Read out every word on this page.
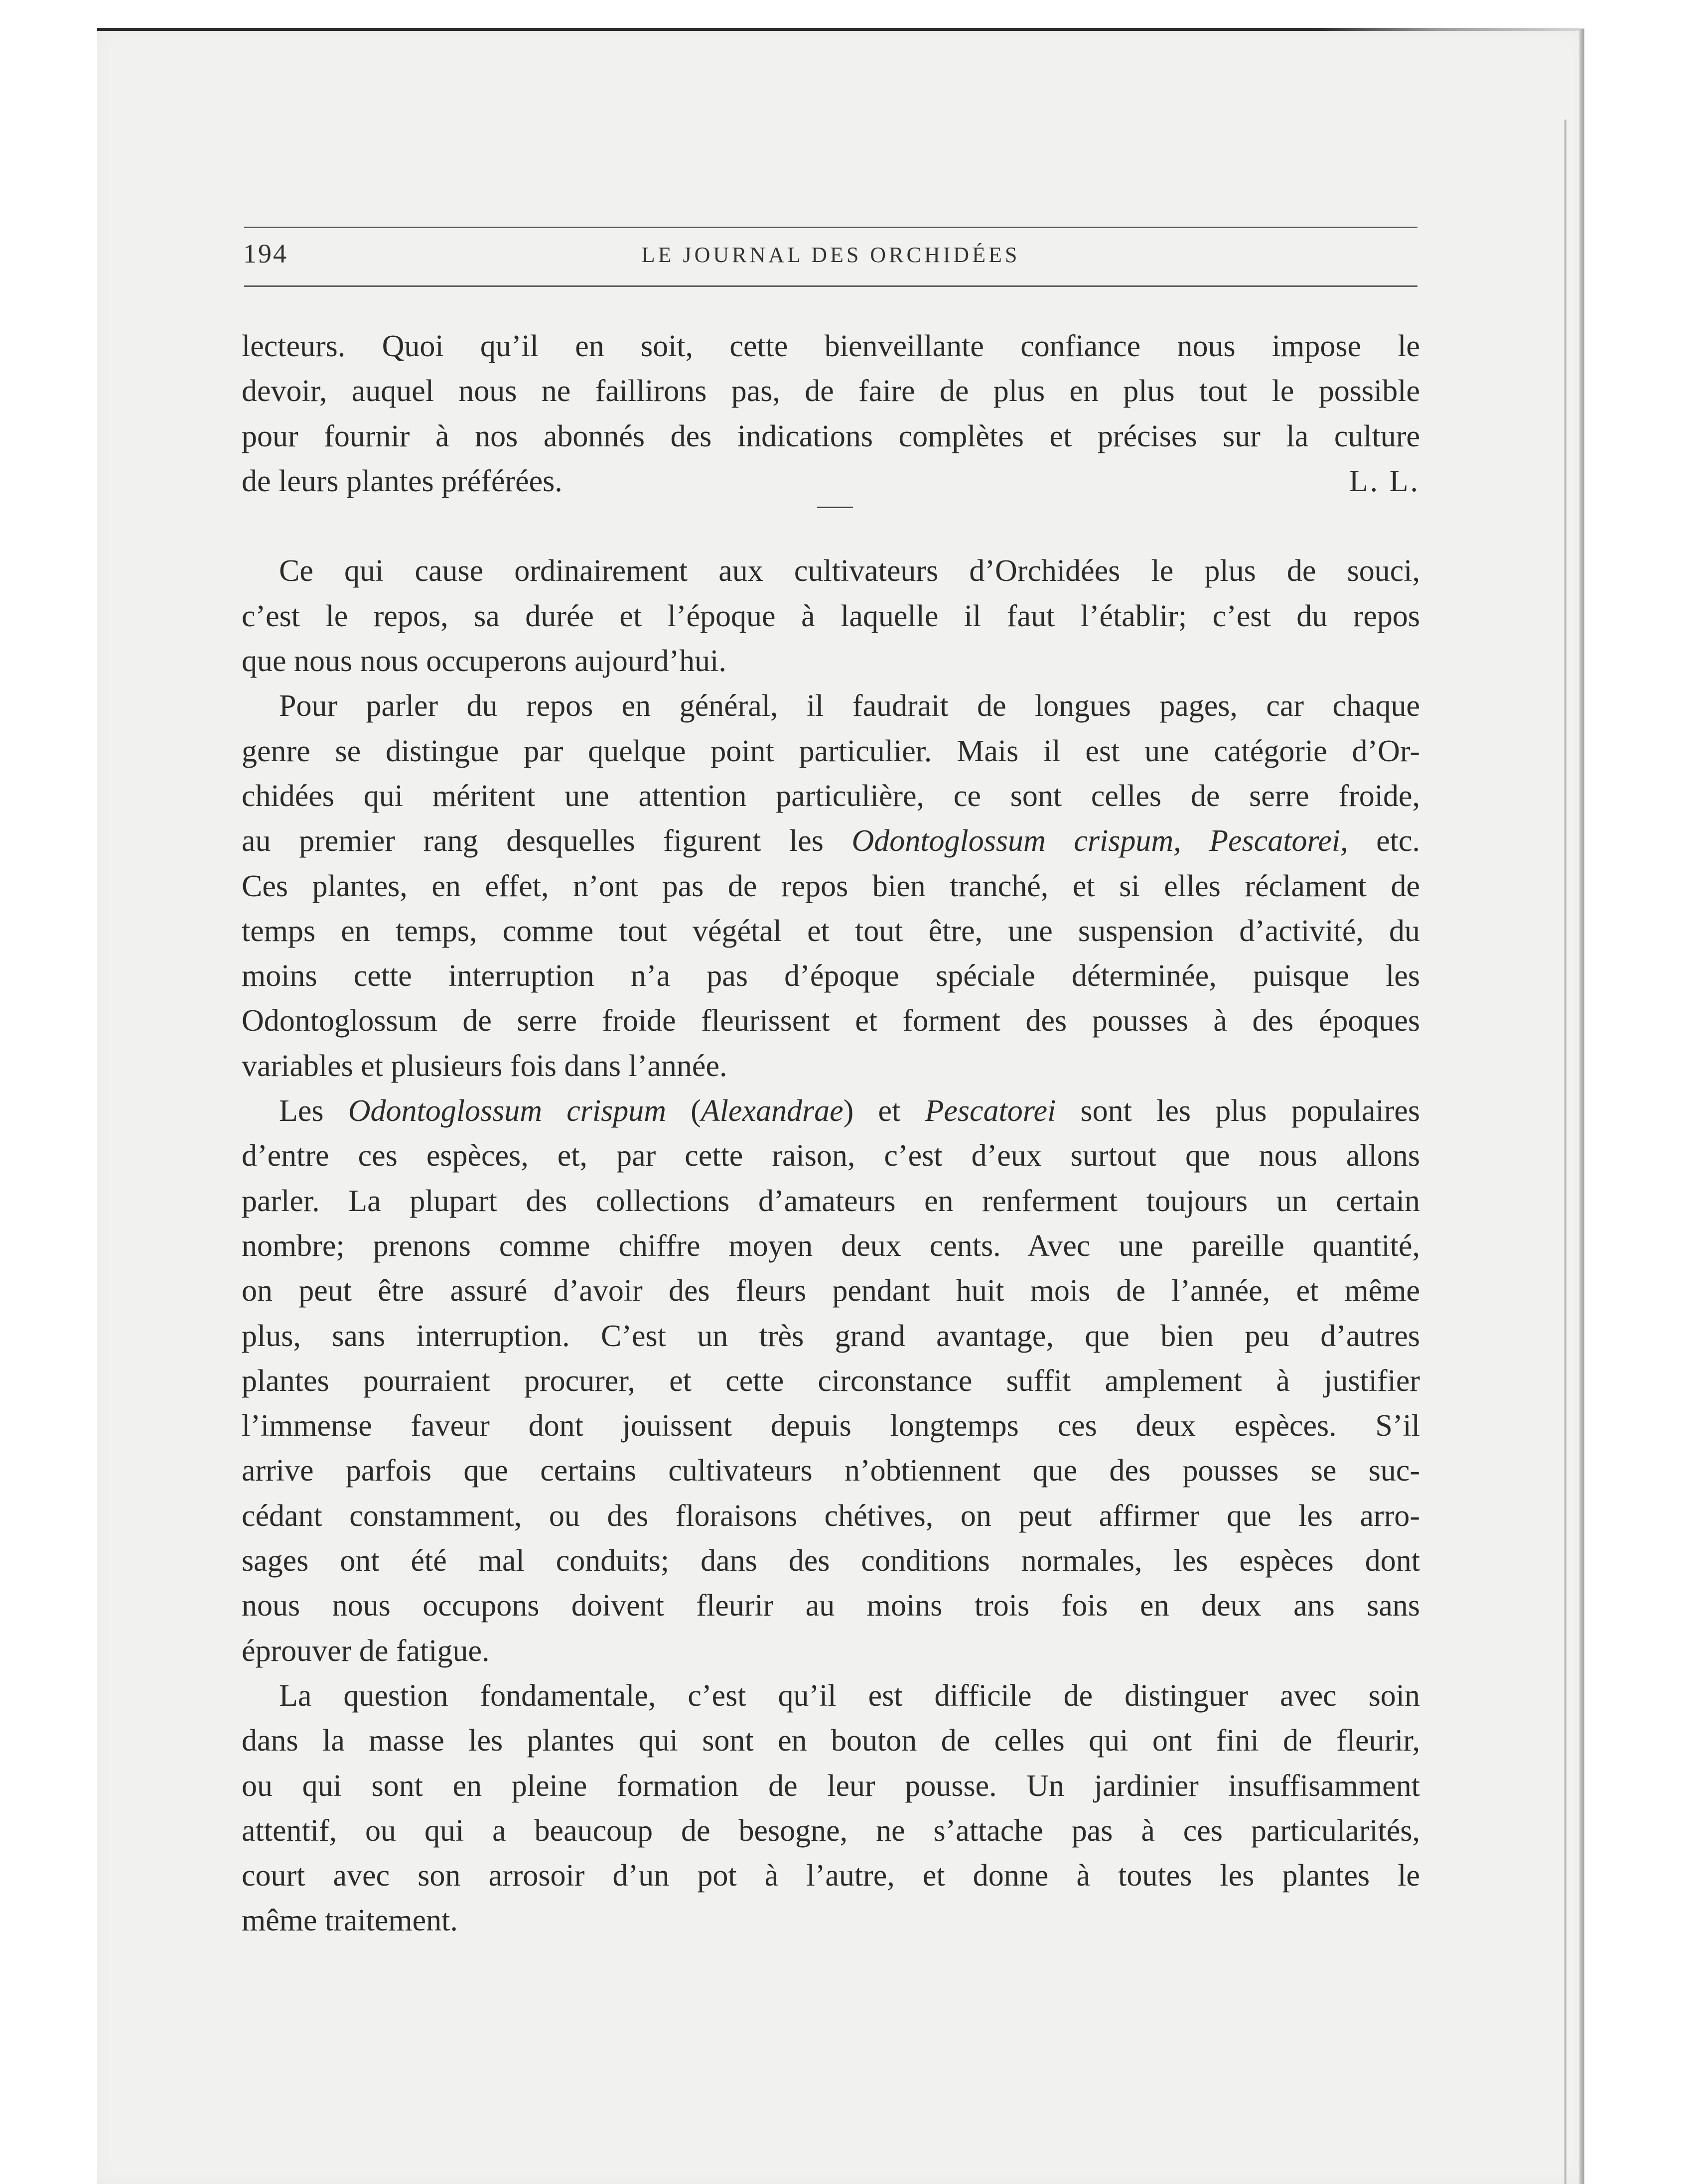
194	LE JOURNAL DES ORCHIDÉES
lecteurs. Quoi qu’il en soit, cette bienveillante confiance nous impose le
devoir, auquel nous ne faillirons pas, de faire de plus en plus tout le possible
pour fournir à nos abonnés des indications complètes et précises sur la culture
de leurs plantes préférées.	L. L.
Ce qui cause ordinairement aux cultivateurs d’Orchidées le plus de souci,
c’est le repos, sa durée et l’époque à laquelle il faut l’établir; c’est du repos
que nous nous occuperons aujourd’hui.
Pour parler du repos en général, il faudrait de longues pages, car chaque
genre se distingue par quelque point particulier. Mais il est une catégorie d’Or-
chidées qui méritent une attention particulière, ce sont celles de serre froide,
au premier rang desquelles figurent les Odontoglossum crispum, Pescatorei, etc.
Ces plantes, en effet, n’ont pas de repos bien tranché, et si elles réclament de
temps en temps, comme tout végétal et tout être, une suspension d’activité, du
moins cette interruption n’a pas d’époque spéciale déterminée, puisque les
Odontoglossum de serre froide fleurissent et forment des pousses à des époques
variables et plusieurs fois dans l’année.
Les Odontoglossum crispum (Alexandrae) et Pescatorei sont les plus populaires
d’entre ces espèces, et, par cette raison, c’est d’eux surtout que nous allons
parler. La plupart des collections d’amateurs en renferment toujours un certain
nombre; prenons comme chiffre moyen deux cents. Avec une pareille quantité,
on peut être assuré d’avoir des fleurs pendant huit mois de l’année, et même
plus, sans interruption. C’est un très grand avantage, que bien peu d’autres
plantes pourraient procurer, et cette circonstance suffit amplement à justifier
l’immense faveur dont jouissent depuis longtemps ces deux espèces. S’il
arrive parfois que certains cultivateurs n’obtiennent que des pousses se suc-
cédant constamment, ou des floraisons chétives, on peut affirmer que les arro-
sages ont été mal conduits; dans des conditions normales, les espèces dont
nous nous occupons doivent fleurir au moins trois fois en deux ans sans
éprouver de fatigue.
La question fondamentale, c’est qu’il est difficile de distinguer avec soin
dans la masse les plantes qui sont en bouton de celles qui ont fini de fleurir,
ou qui sont en pleine formation de leur pousse. Un jardinier insuffisamment
attentif, ou qui a beaucoup de besogne, ne s’attache pas à ces particularités,
court avec son arrosoir d’un pot à l’autre, et donne à toutes les plantes le
même traitement.
